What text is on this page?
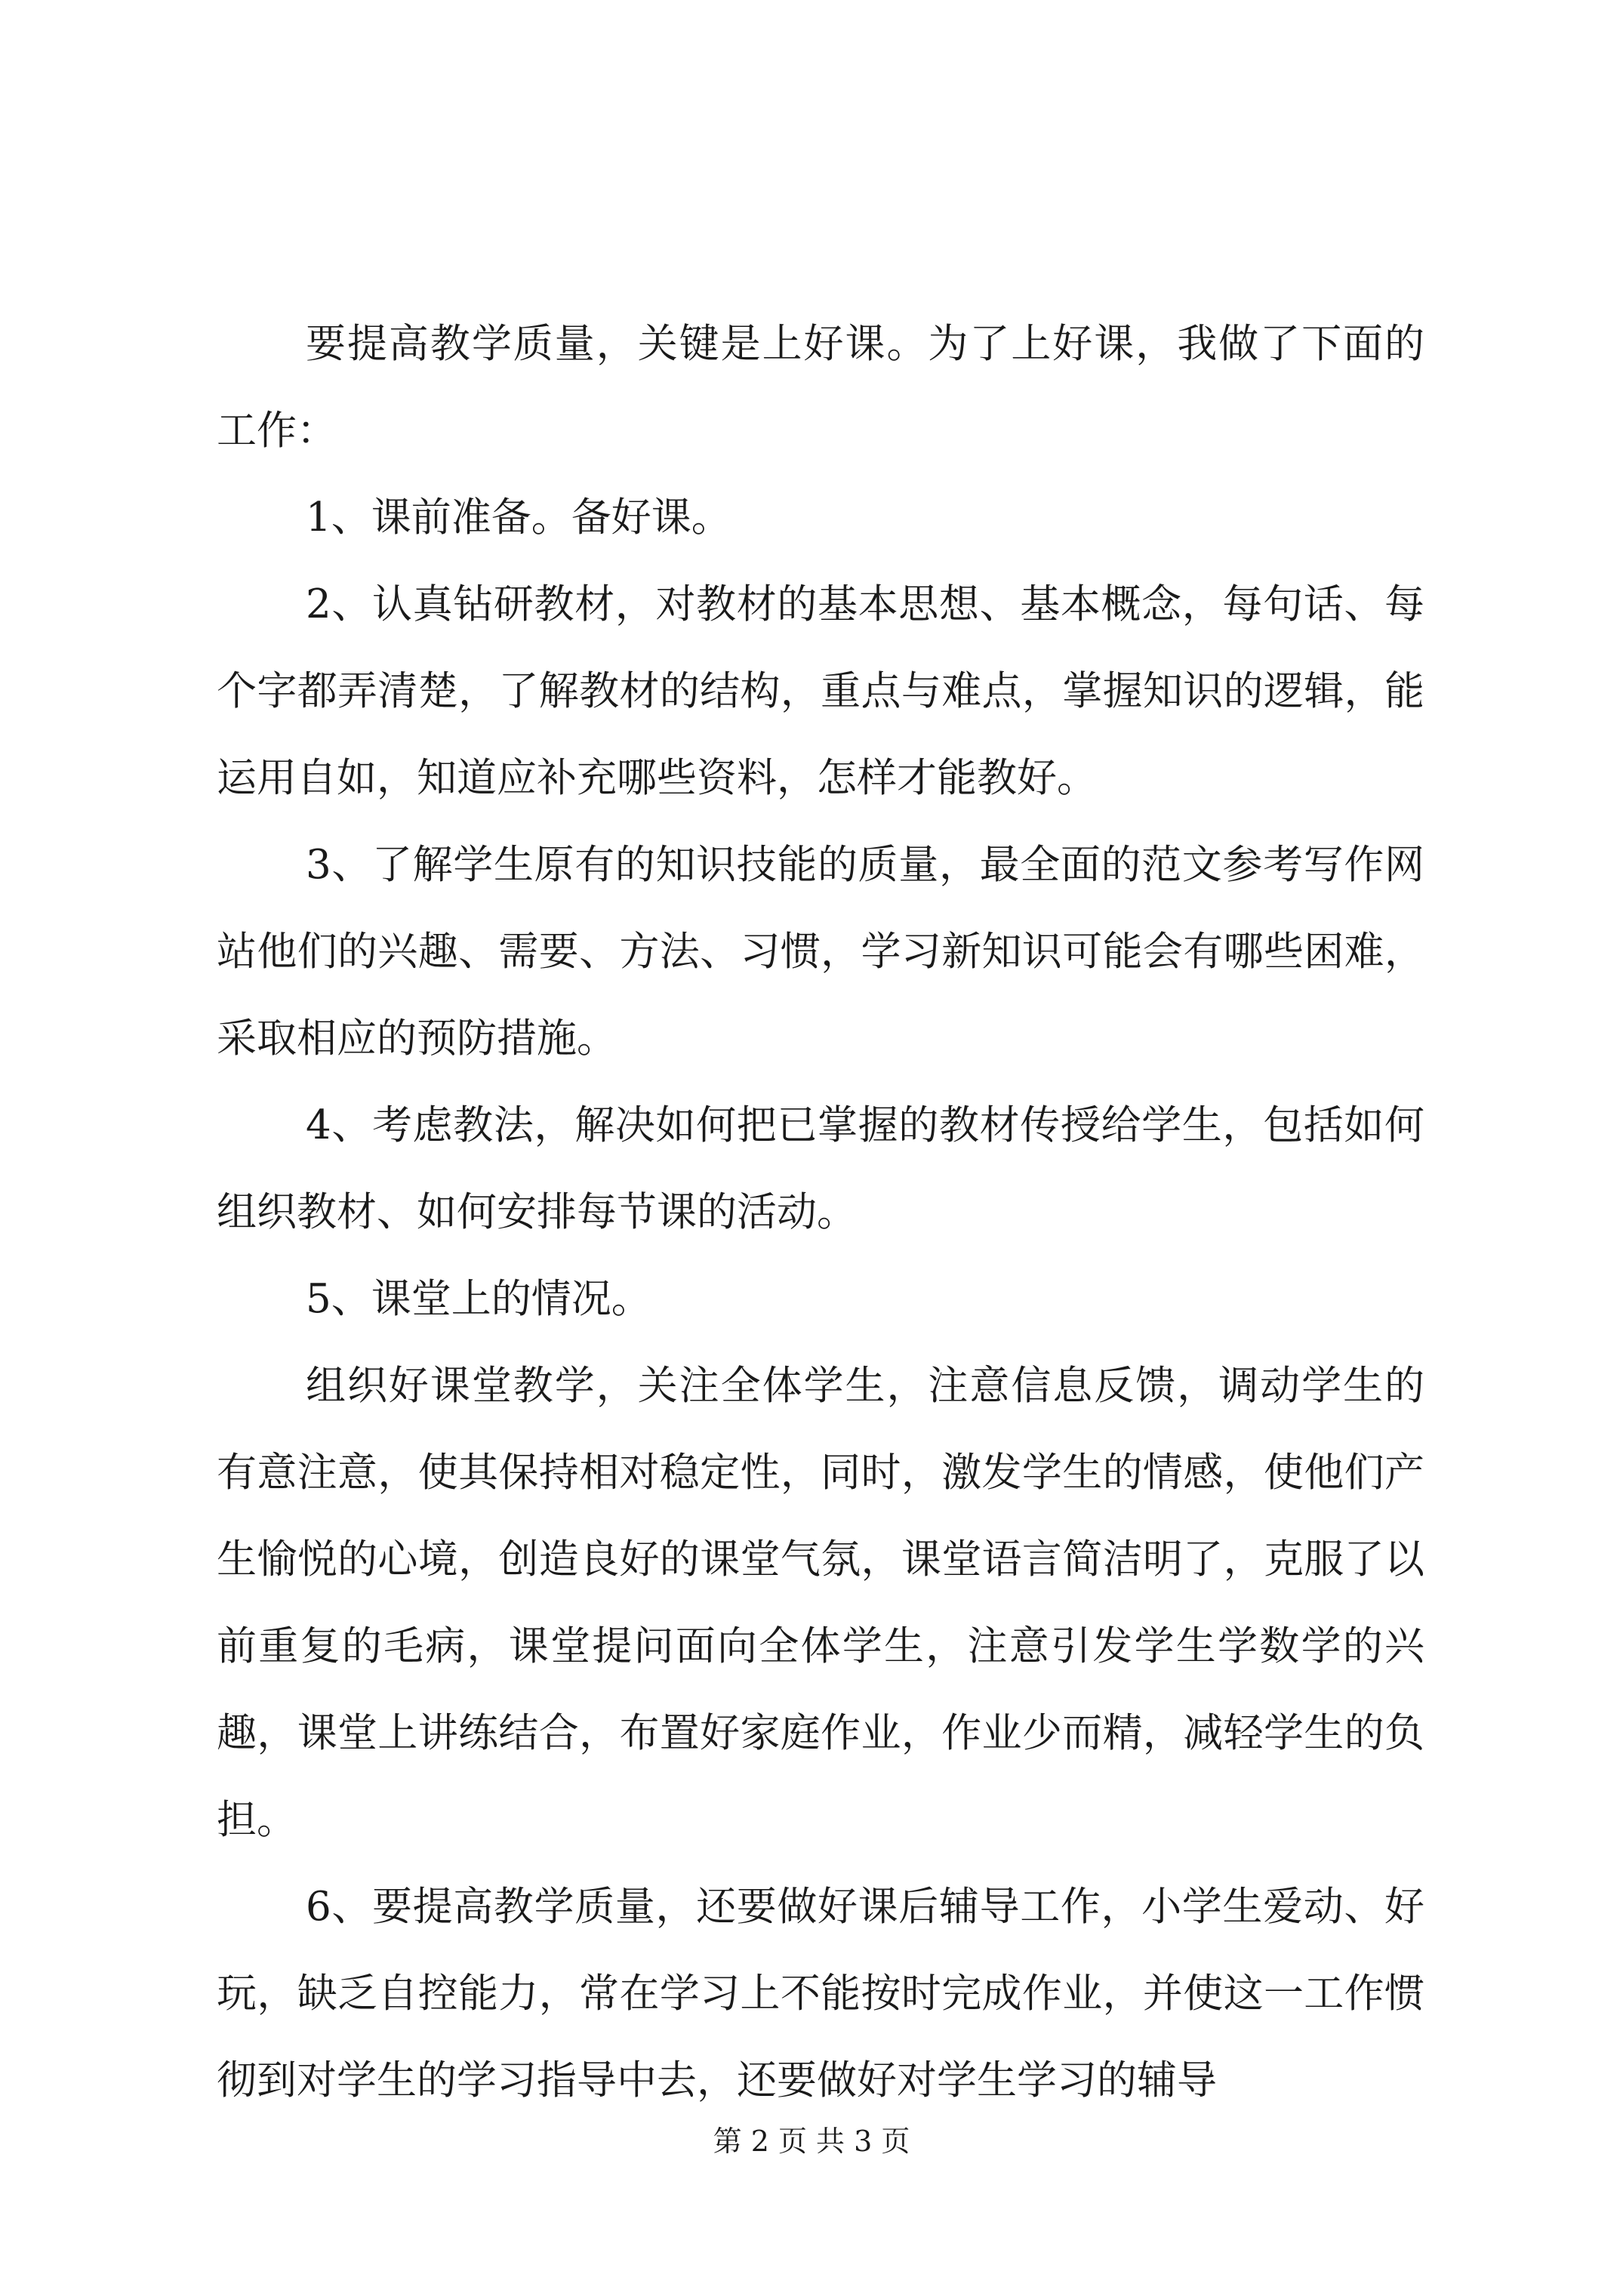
要提高教学质量，关键是上好课。为了上好课，我做了下面的工作：

1、课前准备。备好课。

2、认真钻研教材，对教材的基本思想、基本概念，每句话、每个字都弄清楚，了解教材的结构，重点与难点，掌握知识的逻辑，能运用自如，知道应补充哪些资料，怎样才能教好。

3、了解学生原有的知识技能的质量，最全面的范文参考写作网站他们的兴趣、需要、方法、习惯，学习新知识可能会有哪些困难，采取相应的预防措施。

4、考虑教法，解决如何把已掌握的教材传授给学生，包括如何组织教材、如何安排每节课的活动。

5、课堂上的情况。

组织好课堂教学，关注全体学生，注意信息反馈，调动学生的有意注意，使其保持相对稳定性，同时，激发学生的情感，使他们产生愉悦的心境，创造良好的课堂气氛，课堂语言简洁明了，克服了以前重复的毛病，课堂提问面向全体学生，注意引发学生学数学的兴趣，课堂上讲练结合，布置好家庭作业，作业少而精，减轻学生的负担。

6、要提高教学质量，还要做好课后辅导工作，小学生爱动、好玩，缺乏自控能力，常在学习上不能按时完成作业，并使这一工作惯彻到对学生的学习指导中去，还要做好对学生学习的辅导

第 2 页 共 3 页
